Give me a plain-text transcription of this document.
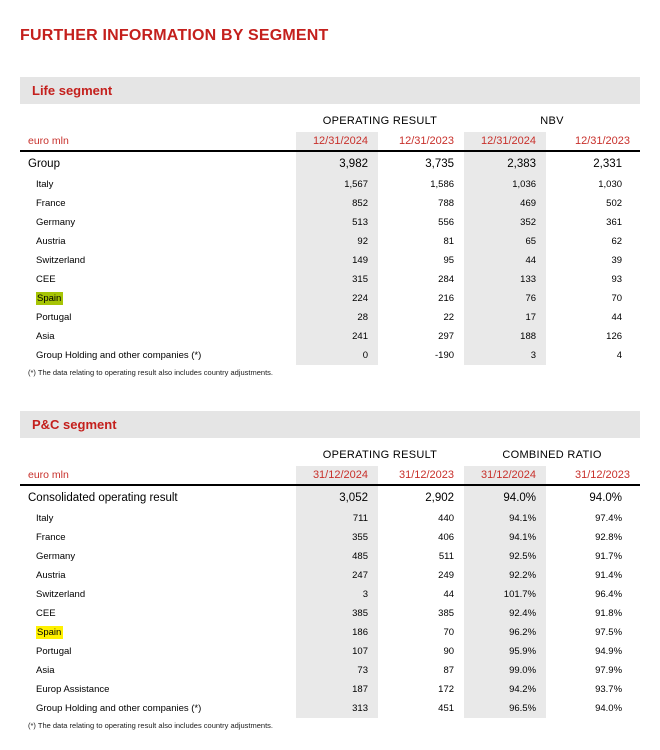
FURTHER INFORMATION BY SEGMENT
Life segment
	OPERATING RESULT		NBV	
euro mln	12/31/2024	12/31/2023	12/31/2024	12/31/2023
Group	3,982	3,735	2,383	2,331
Italy	1,567	1,586	1,036	1,030
France	852	788	469	502
Germany	513	556	352	361
Austria	92	81	65	62
Switzerland	149	95	44	39
CEE	315	284	133	93
Spain	224	216	76	70
Portugal	28	22	17	44
Asia	241	297	188	126
Group Holding and other companies (*)	0	-190	3	4
(*) The data relating to operating result also includes country adjustments.
P&C segment
	OPERATING RESULT		COMBINED RATIO	
euro mln	31/12/2024	31/12/2023	31/12/2024	31/12/2023
Consolidated operating result	3,052	2,902	94.0%	94.0%
Italy	711	440	94.1%	97.4%
France	355	406	94.1%	92.8%
Germany	485	511	92.5%	91.7%
Austria	247	249	92.2%	91.4%
Switzerland	3	44	101.7%	96.4%
CEE	385	385	92.4%	91.8%
Spain	186	70	96.2%	97.5%
Portugal	107	90	95.9%	94.9%
Asia	73	87	99.0%	97.9%
Europ Assistance	187	172	94.2%	93.7%
Group Holding and other companies (*)	313	451	96.5%	94.0%
(*) The data relating to operating result also includes country adjustments.
